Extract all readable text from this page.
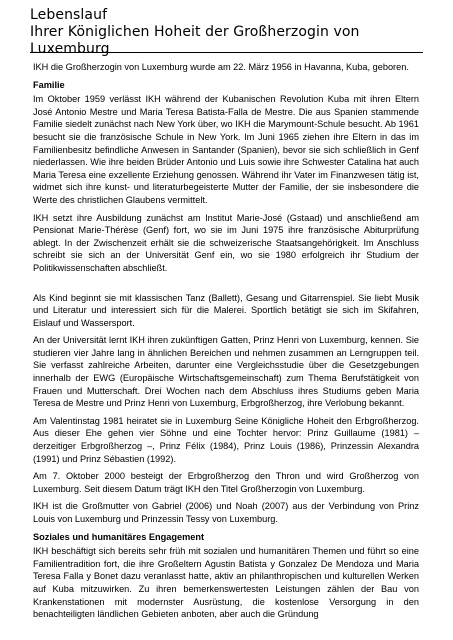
Lebenslauf
Ihrer Königlichen Hoheit der Großherzogin von Luxemburg

IKH die Großherzogin von Luxemburg wurde am 22. März 1956 in Havanna, Kuba, geboren.

Familie

Im Oktober 1959 verlässt IKH während der Kubanischen Revolution Kuba mit ihren Eltern José Antonio Mestre und Maria Teresa Batista-Falla de Mestre. Die aus Spanien stammende Familie siedelt zunächst nach New York über, wo IKH die Marymount-Schule besucht. Ab 1961 besucht sie die französische Schule in New York. Im Juni 1965 ziehen ihre Eltern in das im Familienbesitz befindliche Anwesen in Santander (Spanien), bevor sie sich schließlich in Genf niederlassen. Wie ihre beiden Brüder Antonio und Luis sowie ihre Schwester Catalina hat auch Maria Teresa eine exzellente Erziehung genossen. Während ihr Vater im Finanzwesen tätig ist, widmet sich ihre kunst- und literaturbegeisterte Mutter der Familie, der sie insbesondere die Werte des christlichen Glaubens vermittelt.

IKH setzt ihre Ausbildung zunächst am Institut Marie-José (Gstaad) und anschließend am Pensionat Marie-Thérèse (Genf) fort, wo sie im Juni 1975 ihre französische Abiturprüfung ablegt. In der Zwischenzeit erhält sie die schweizerische Staatsangehörigkeit. Im Anschluss schreibt sie sich an der Universität Genf ein, wo sie 1980 erfolgreich ihr Studium der Politikwissenschaften abschließt.

Als Kind beginnt sie mit klassischen Tanz (Ballett), Gesang und Gitarrenspiel. Sie liebt Musik und Literatur und interessiert sich für die Malerei. Sportlich betätigt sie sich im Skifahren, Eislauf und Wassersport.

An der Universität lernt IKH ihren zukünftigen Gatten, Prinz Henri von Luxemburg, kennen. Sie studieren vier Jahre lang in ähnlichen Bereichen und nehmen zusammen an Lerngruppen teil. Sie verfasst zahlreiche Arbeiten, darunter eine Vergleichsstudie über die Gesetzgebungen innerhalb der EWG (Europäische Wirtschaftsgemeinschaft) zum Thema Berufstätigkeit von Frauen und Mutterschaft. Drei Wochen nach dem Abschluss ihres Studiums geben Maria Teresa de Mestre und Prinz Henri von Luxemburg, Erbgroßherzog, ihre Verlobung bekannt.

Am Valentinstag 1981 heiratet sie in Luxemburg Seine Königliche Hoheit den Erbgroßherzog. Aus dieser Ehe gehen vier Söhne und eine Tochter hervor: Prinz Guillaume (1981) – derzeitiger Erbgroßherzog –, Prinz Félix (1984), Prinz Louis (1986), Prinzessin Alexandra (1991) und Prinz Sébastien (1992).

Am 7. Oktober 2000 besteigt der Erbgroßherzog den Thron und wird Großherzog von Luxemburg. Seit diesem Datum trägt IKH den Titel Großherzogin von Luxemburg.

IKH ist die Großmutter von Gabriel (2006) und Noah (2007) aus der Verbindung von Prinz Louis von Luxemburg und Prinzessin Tessy von Luxemburg.

Soziales und humanitäres Engagement

IKH beschäftigt sich bereits sehr früh mit sozialen und humanitären Themen und führt so eine Familientradition fort, die ihre Großeltern Agustin Batista y Gonzalez De Mendoza und Maria Teresa Falla y Bonet dazu veranlasst hatte, aktiv an philanthropischen und kulturellen Werken auf Kuba mitzuwirken. Zu ihren bemerkenswertesten Leistungen zählen der Bau von Krankenstationen mit modernster Ausrüstung, die kostenlose Versorgung in den benachteiligten ländlichen Gebieten anboten, aber auch die Gründung
